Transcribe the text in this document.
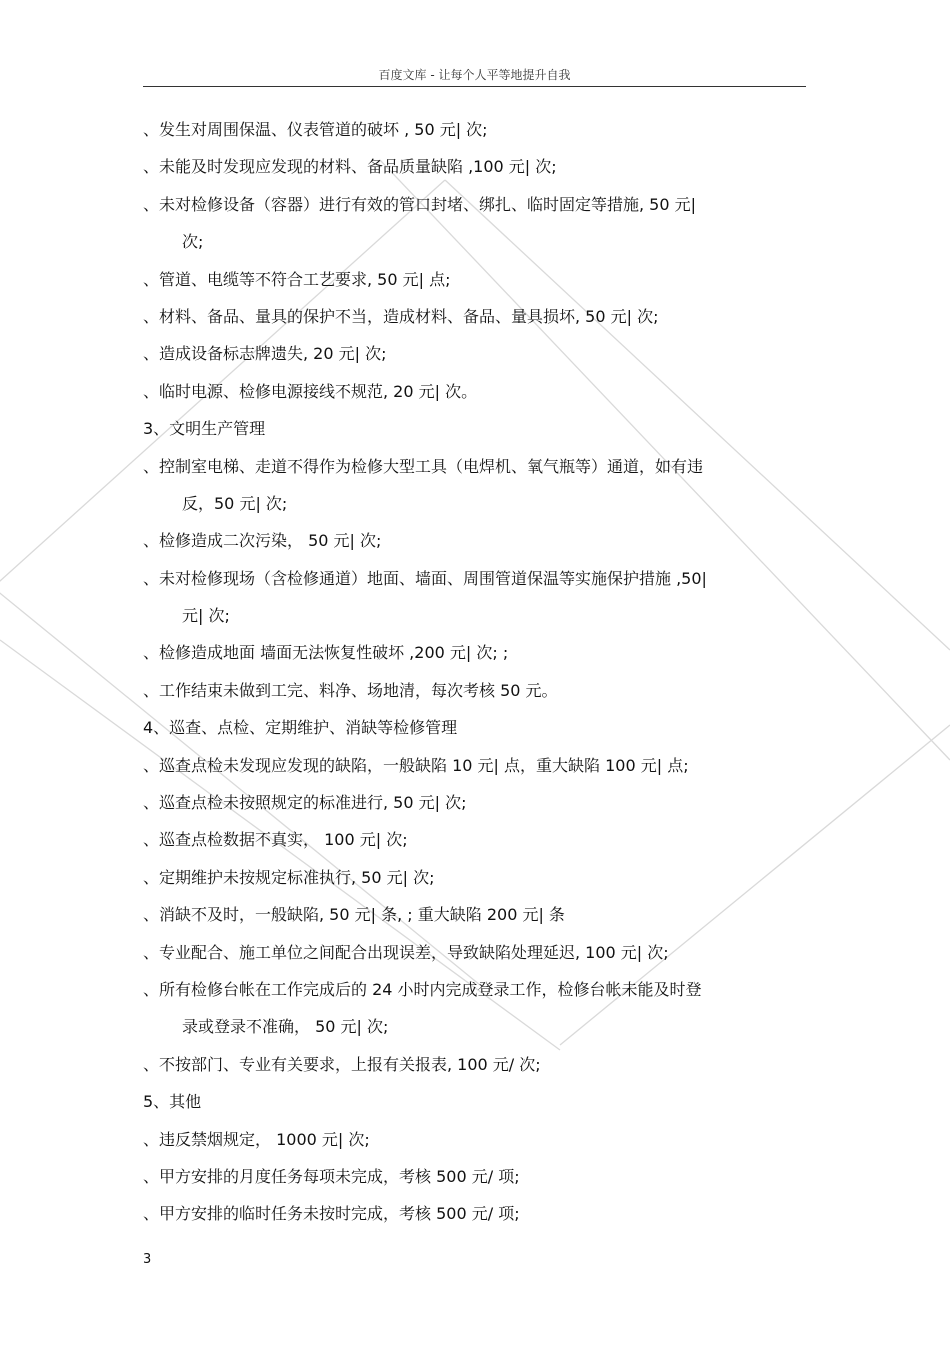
百度文库 - 让每个人平等地提升自我
、发生对周围保温、仪表管道的破坏 , 50 元| 次;
、未能及时发现应发现的材料、备品质量缺陷 ,100 元| 次;
、未对检修设备（容器）进行有效的管口封堵、绑扎、临时固定等措施, 50 元|
次;
、管道、电缆等不符合工艺要求, 50 元| 点;
、材料、备品、量具的保护不当，造成材料、备品、量具损坏, 50 元| 次;
、造成设备标志牌遗失, 20 元| 次;
、临时电源、检修电源接线不规范, 20 元| 次。
3、文明生产管理
、控制室电梯、走道不得作为检修大型工具（电焊机、氧气瓶等）通道，如有违
反，50 元| 次;
、检修造成二次污染， 50 元| 次;
、未对检修现场（含检修通道）地面、墙面、周围管道保温等实施保护措施 ,50|
元| 次;
、检修造成地面 墙面无法恢复性破坏 ,200 元| 次; ;
、工作结束未做到工完、料净、场地清，每次考核 50 元。
4、巡查、点检、定期维护、消缺等检修管理
、巡查点检未发现应发现的缺陷，一般缺陷 10 元| 点，重大缺陷 100 元| 点;
、巡查点检未按照规定的标准进行, 50 元| 次;
、巡查点检数据不真实， 100 元| 次;
、定期维护未按规定标准执行, 50 元| 次;
、消缺不及时，一般缺陷, 50 元| 条, ; 重大缺陷 200 元| 条
、专业配合、施工单位之间配合出现误差，导致缺陷处理延迟, 100 元| 次;
、所有检修台帐在工作完成后的 24 小时内完成登录工作，检修台帐未能及时登
录或登录不准确， 50 元| 次;
、不按部门、专业有关要求，上报有关报表, 100 元/ 次;
5、其他
、违反禁烟规定， 1000 元| 次;
、甲方安排的月度任务每项未完成，考核 500 元/ 项;
、甲方安排的临时任务未按时完成，考核 500 元/ 项;
3
